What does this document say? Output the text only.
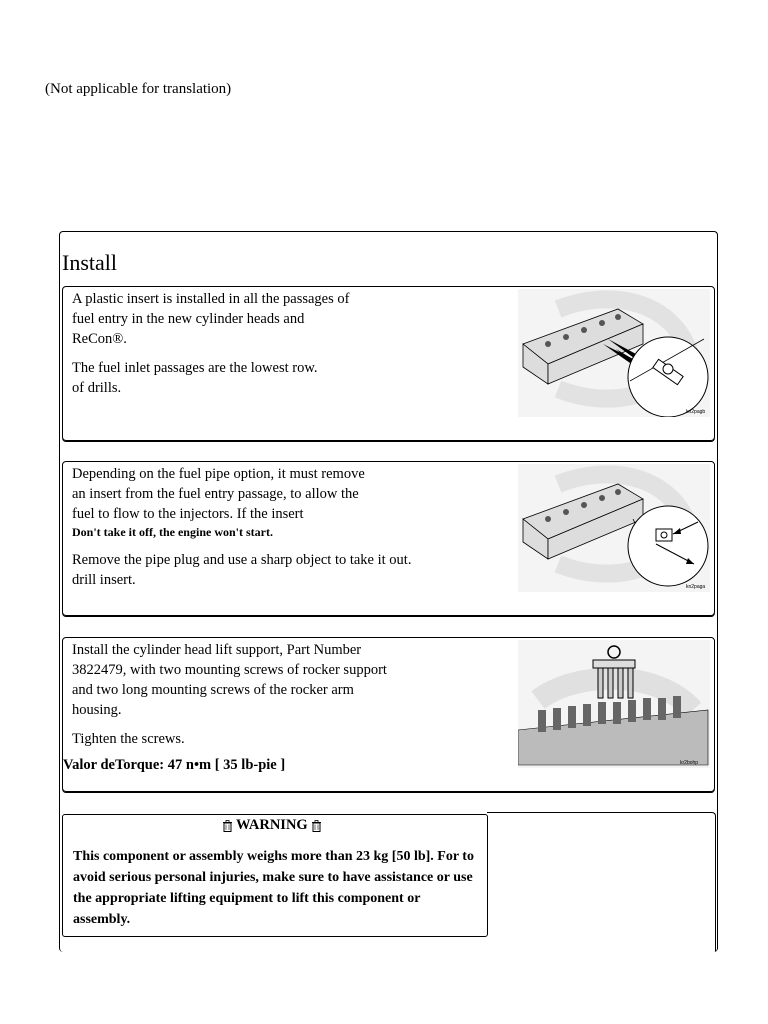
(Not applicable for translation)
Install

A plastic insert is installed in all the passages of fuel entry in the new cylinder heads and ReCon®.

The fuel inlet passages are the lowest row. of drills.

kn2pagb

Depending on the fuel pipe option, it must remove an insert from the fuel entry passage, to allow the fuel to flow to the injectors. If the insert
Don't take it off, the engine won't start.

Remove the pipe plug and use a sharp object to take it out. drill insert.	kn2paga

Install the cylinder head lift support, Part Number 3822479, with two mounting screws of rocker support and two long mounting screws of the rocker arm housing.

Tighten the screws.

Valor deTorque: 47 n•m [ 35 lb-pie ]	kr2bohp
WARNING
This component or assembly weighs more than 23 kg [50 lb]. For to avoid serious personal injuries, make sure to have assistance or use the appropriate lifting equipment to lift this component or assembly.
